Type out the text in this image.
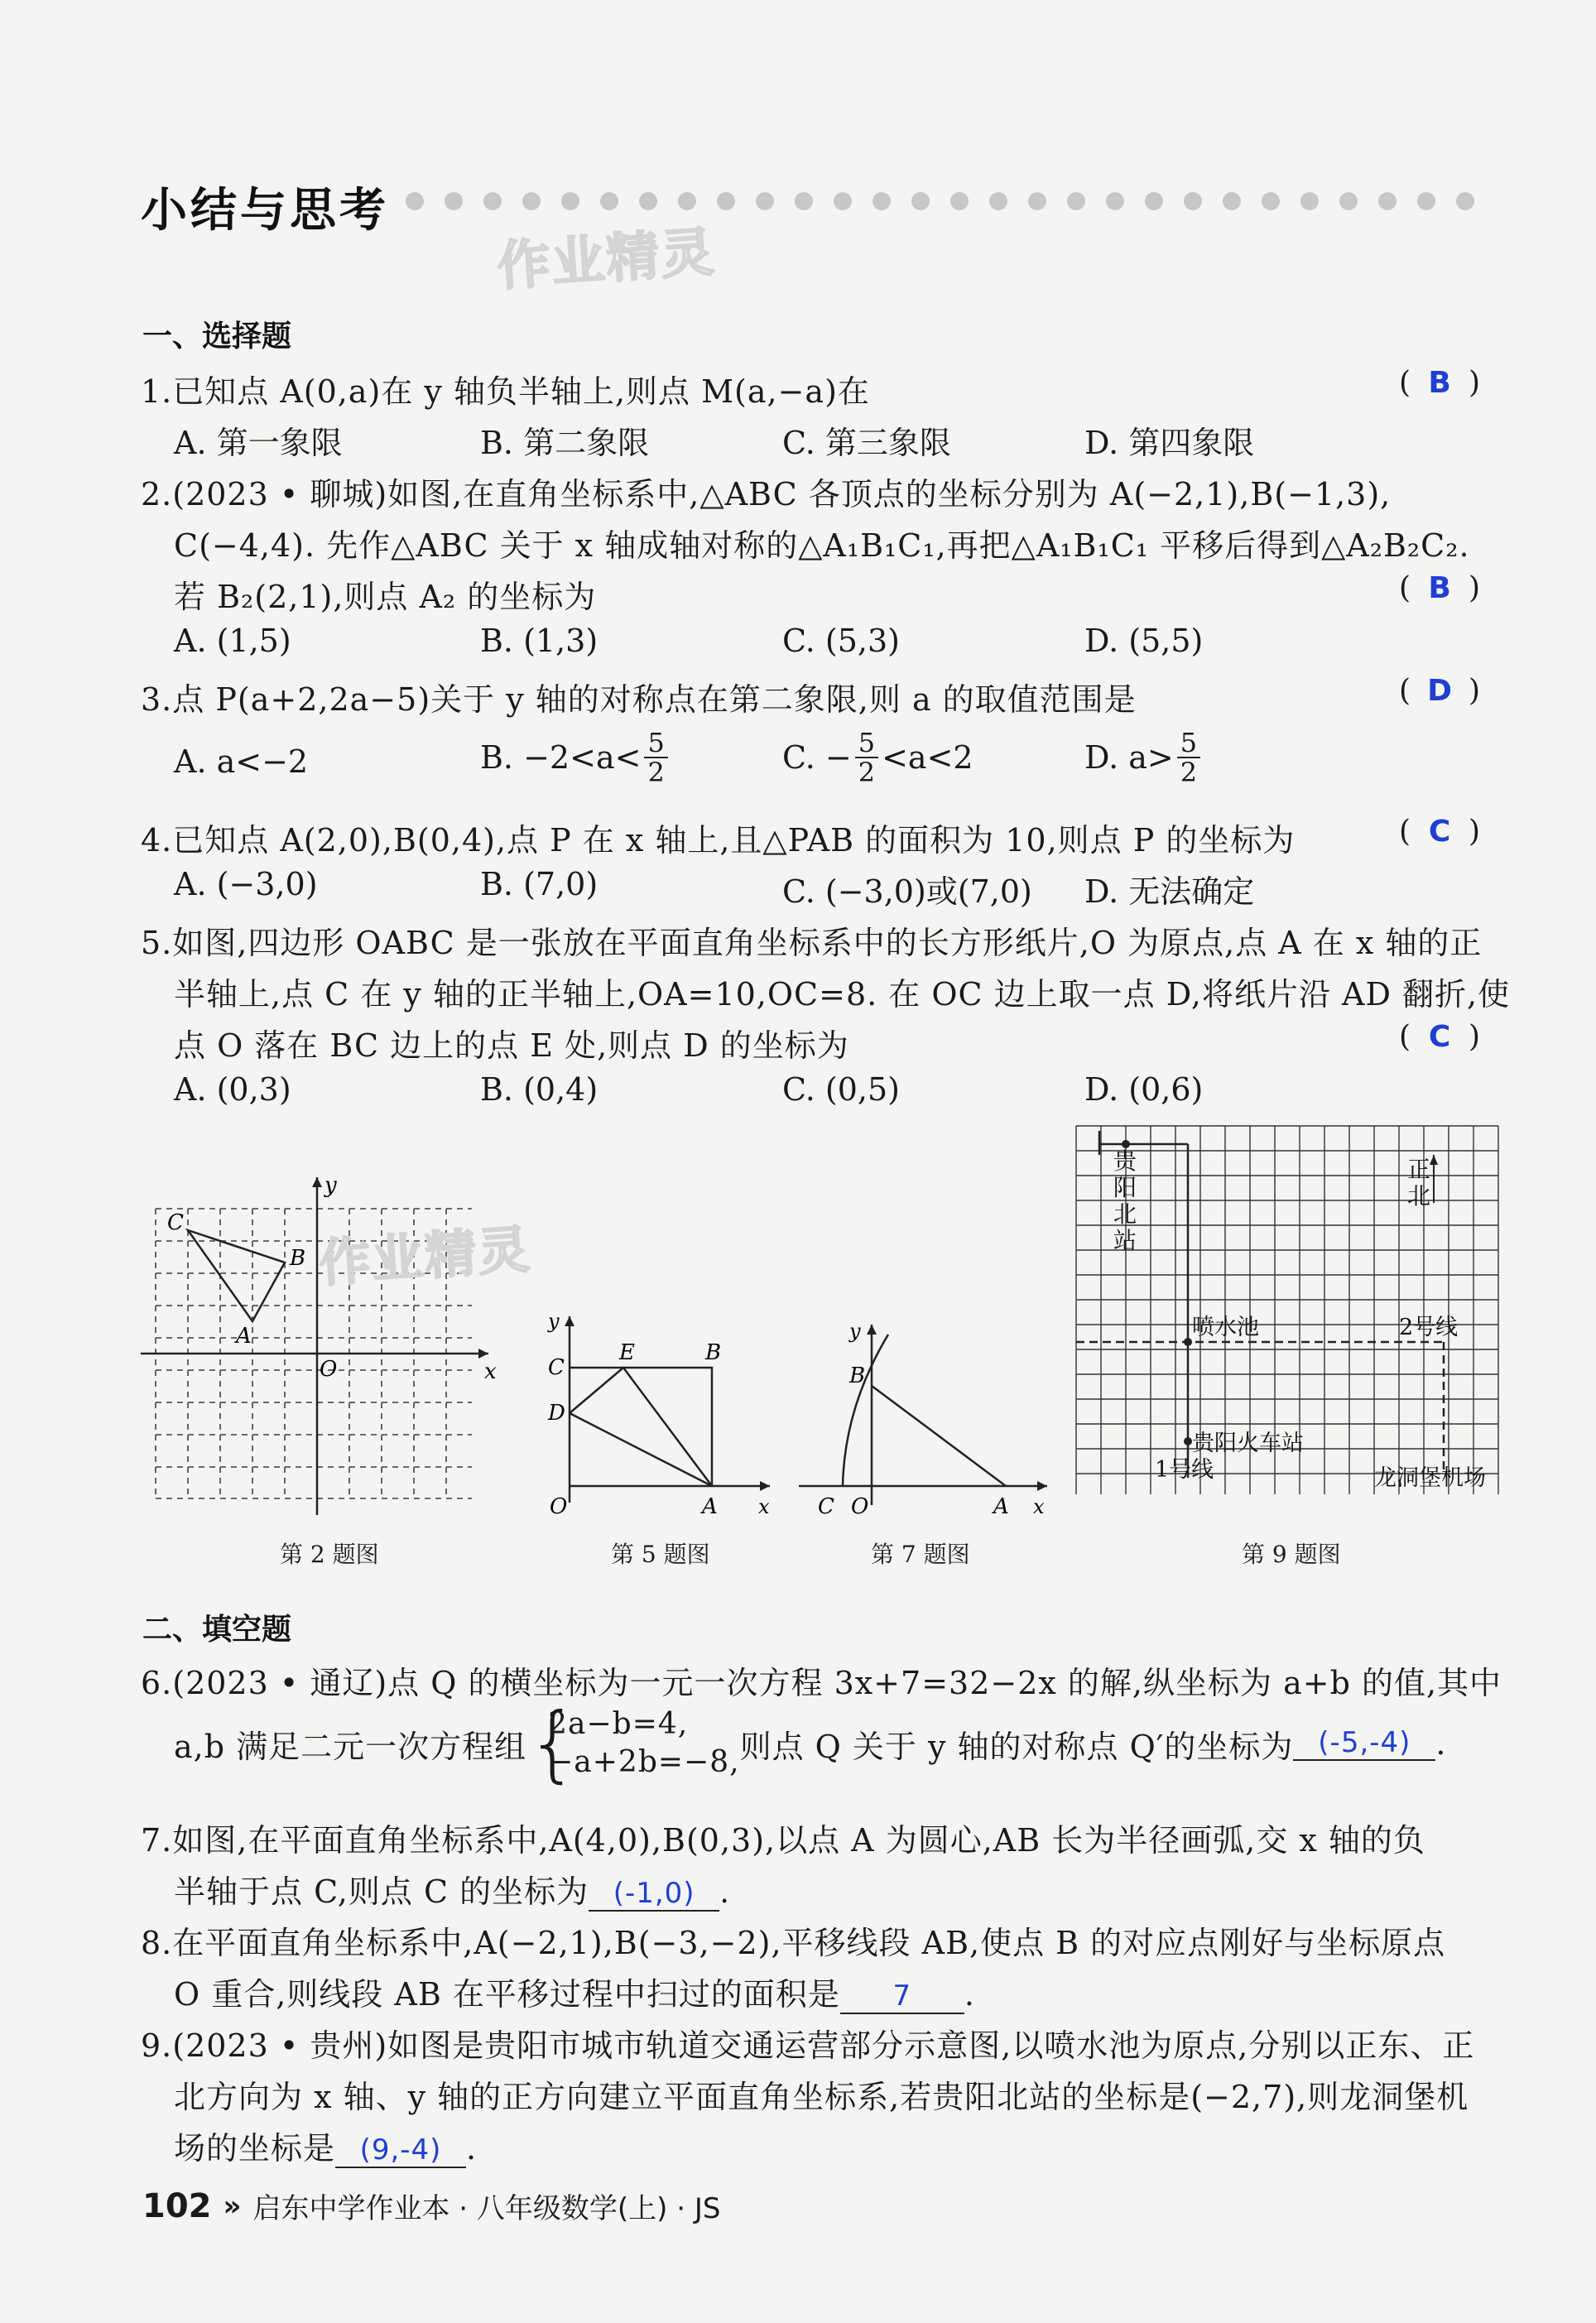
小结与思考
作业精灵
一、选择题
1.已知点 A(0,a)在 y 轴负半轴上,则点 M(a,−a)在	( B )
A. 第一象限	B. 第二象限	C. 第三象限	D. 第四象限
2.(2023 • 聊城)如图,在直角坐标系中,△ABC 各顶点的坐标分别为 A(−2,1),B(−1,3),
C(−4,4). 先作△ABC 关于 x 轴成轴对称的△A₁B₁C₁,再把△A₁B₁C₁ 平移后得到△A₂B₂C₂.
若 B₂(2,1),则点 A₂ 的坐标为	( B )
A. (1,5)	B. (1,3)	C. (5,3)	D. (5,5)
3.点 P(a+2,2a−5)关于 y 轴的对称点在第二象限,则 a 的取值范围是	( D )
A. a<−2	B. $-2<a< \frac{5}{2}$	C. − $\frac{5}{2} <a<2$	D. $a> \frac{5}{2}$
4.已知点 A(2,0),B(0,4),点 P 在 x 轴上,且△PAB 的面积为 10,则点 P 的坐标为	( C )
A. (−3,0)	B. (7,0)	C. (−3,0)或(7,0) D. 无法确定
5.如图,四边形 OABC 是一张放在平面直角坐标系中的长方形纸片,O 为原点,点 A 在 x 轴的正
半轴上,点 C 在 y 轴的正半轴上,OA=10,OC=8. 在 OC 边上取一点 D,将纸片沿 AD 翻折,使
点 O 落在 BC 边上的点 E 处,则点 D 的坐标为	( C )
A. (0,3)	B. (0,4)	C. (0,5)	D. (0,6)
C
B
A
O	x
y
作业精灵
第 2 题图
C
E	B
D
O	A x
y
第 5 题图
B
C O	A x
y
第 7 题图
贵
阳
北
站
正
北
喷水池	2号线
贵阳火车站
1号线	龙洞堡机场
第 9 题图
二、填空题
6.(2023 • 通辽)点 Q 的横坐标为一元一次方程 3x+7=32−2x 的解,纵坐标为 a+b 的值,其中
a,b 满足二元一次方程组 {
2a−b=4,
−a+2b=−8, 则点 Q 关于 y 轴的对称点 Q′的坐标为 (-5,-4) .
7.如图,在平面直角坐标系中,A(4,0),B(0,3),以点 A 为圆心,AB 长为半径画弧,交 x 轴的负
半轴于点 C,则点 C 的坐标为 (-1,0) .
8.在平面直角坐标系中,A(−2,1),B(−3,−2),平移线段 AB,使点 B 的对应点刚好与坐标原点
O 重合,则线段 AB 在平移过程中扫过的面积是 7 .
9.(2023 • 贵州)如图是贵阳市城市轨道交通运营部分示意图,以喷水池为原点,分别以正东、正
北方向为 x 轴、y 轴的正方向建立平面直角坐标系,若贵阳北站的坐标是(−2,7),则龙洞堡机
场的坐标是 (9,-4) .
102 » 启东中学作业本 · 八年级数学(上) · JS
